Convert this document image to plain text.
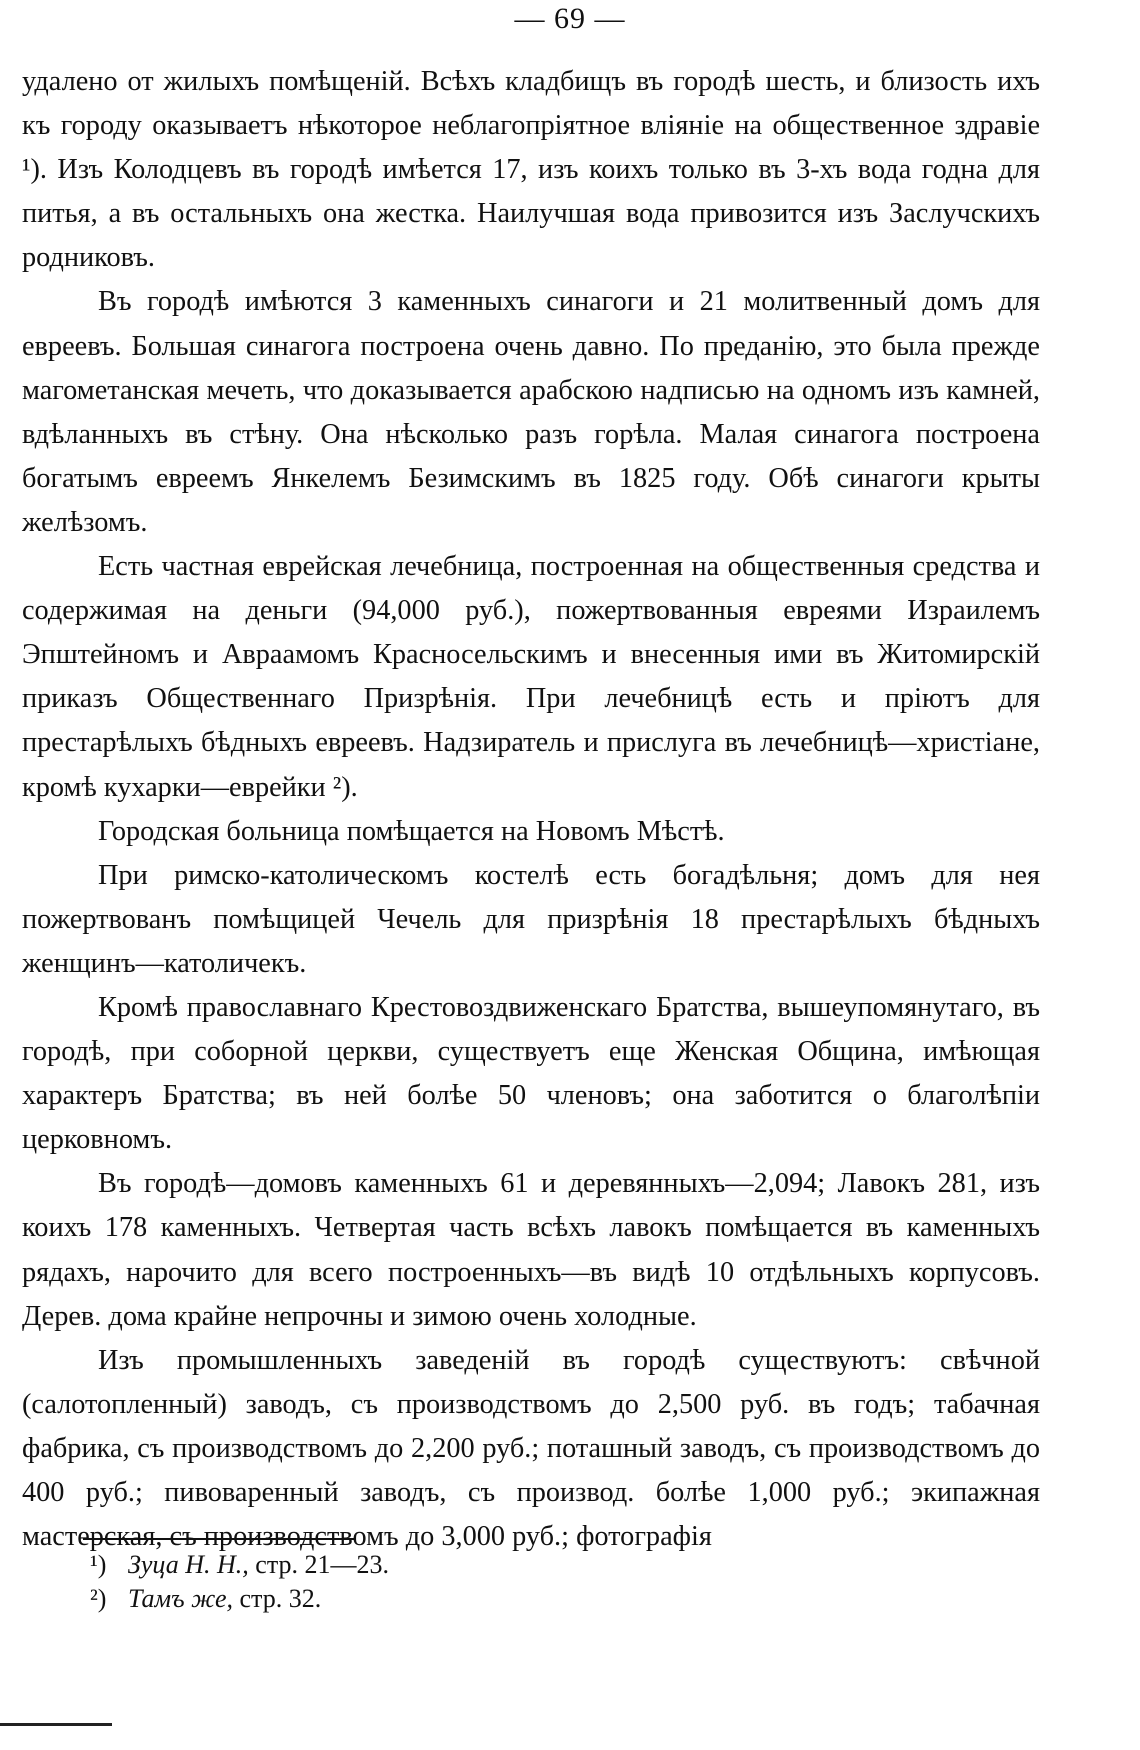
— 69 —

удалено от жилыхъ помѣщеній. Всѣхъ кладбищъ въ городѣ шесть, и близость ихъ къ городу оказываетъ нѣкоторое неблагопріятное вліяніе на общественное здравіе ¹). Изъ Колодцевъ въ городѣ имѣется 17, изъ коихъ только въ 3-хъ вода годна для питья, а въ остальныхъ она жестка. Наилучшая вода привозится изъ Заслучскихъ родниковъ.

Въ городѣ имѣются 3 каменныхъ синагоги и 21 молитвенный домъ для евреевъ. Большая синагога построена очень давно. По преданію, это была прежде магометанская мечеть, что доказывается арабскою надписью на одномъ изъ камней, вдѣланныхъ въ стѣну. Она нѣсколько разъ горѣла. Малая синагога построена богатымъ евреемъ Янкелемъ Безимскимъ въ 1825 году. Обѣ синагоги крыты желѣзомъ.

Есть частная еврейская лечебница, построенная на общественныя средства и содержимая на деньги (94,000 руб.), пожертвованныя евреями Израилемъ Эпштейномъ и Авраамомъ Красносельскимъ и внесенныя ими въ Житомирскій приказъ Общественнаго Призрѣнія. При лечебницѣ есть и пріютъ для престарѣлыхъ бѣдныхъ евреевъ. Надзиратель и прислуга въ лечебницѣ—христіане, кромѣ кухарки—еврейки ²).

Городская больница помѣщается на Новомъ Мѣстѣ.

При римско-католическомъ костелѣ есть богадѣльня; домъ для нея пожертвованъ помѣщицей Чечель для призрѣнія 18 престарѣлыхъ бѣдныхъ женщинъ—католичекъ.

Кромѣ православнаго Крестовоздвиженскаго Братства, вышеупомянутаго, въ городѣ, при соборной церкви, существуетъ еще Женская Община, имѣющая характеръ Братства; въ ней болѣе 50 членовъ; она заботится о благолѣпіи церковномъ.

Въ городѣ—домовъ каменныхъ 61 и деревянныхъ—2,094; Лавокъ 281, изъ коихъ 178 каменныхъ. Четвертая часть всѣхъ лавокъ помѣщается въ каменныхъ рядахъ, нарочито для всего построенныхъ—въ видѣ 10 отдѣльныхъ корпусовъ. Дерев. дома крайне непрочны и зимою очень холодные.

Изъ промышленныхъ заведеній въ городѣ существуютъ: свѣчной (салотопленный) заводъ, съ производствомъ до 2,500 руб. въ годъ; табачная фабрика, съ производствомъ до 2,200 руб.; поташный заводъ, съ производствомъ до 400 руб.; пивоваренный заводъ, съ производ. болѣе 1,000 руб.; экипажная мастерская, съ производствомъ до 3,000 руб.; фотографія

¹) Зуца Н. Н., стр. 21—23.
²) Тамъ же, стр. 32.
